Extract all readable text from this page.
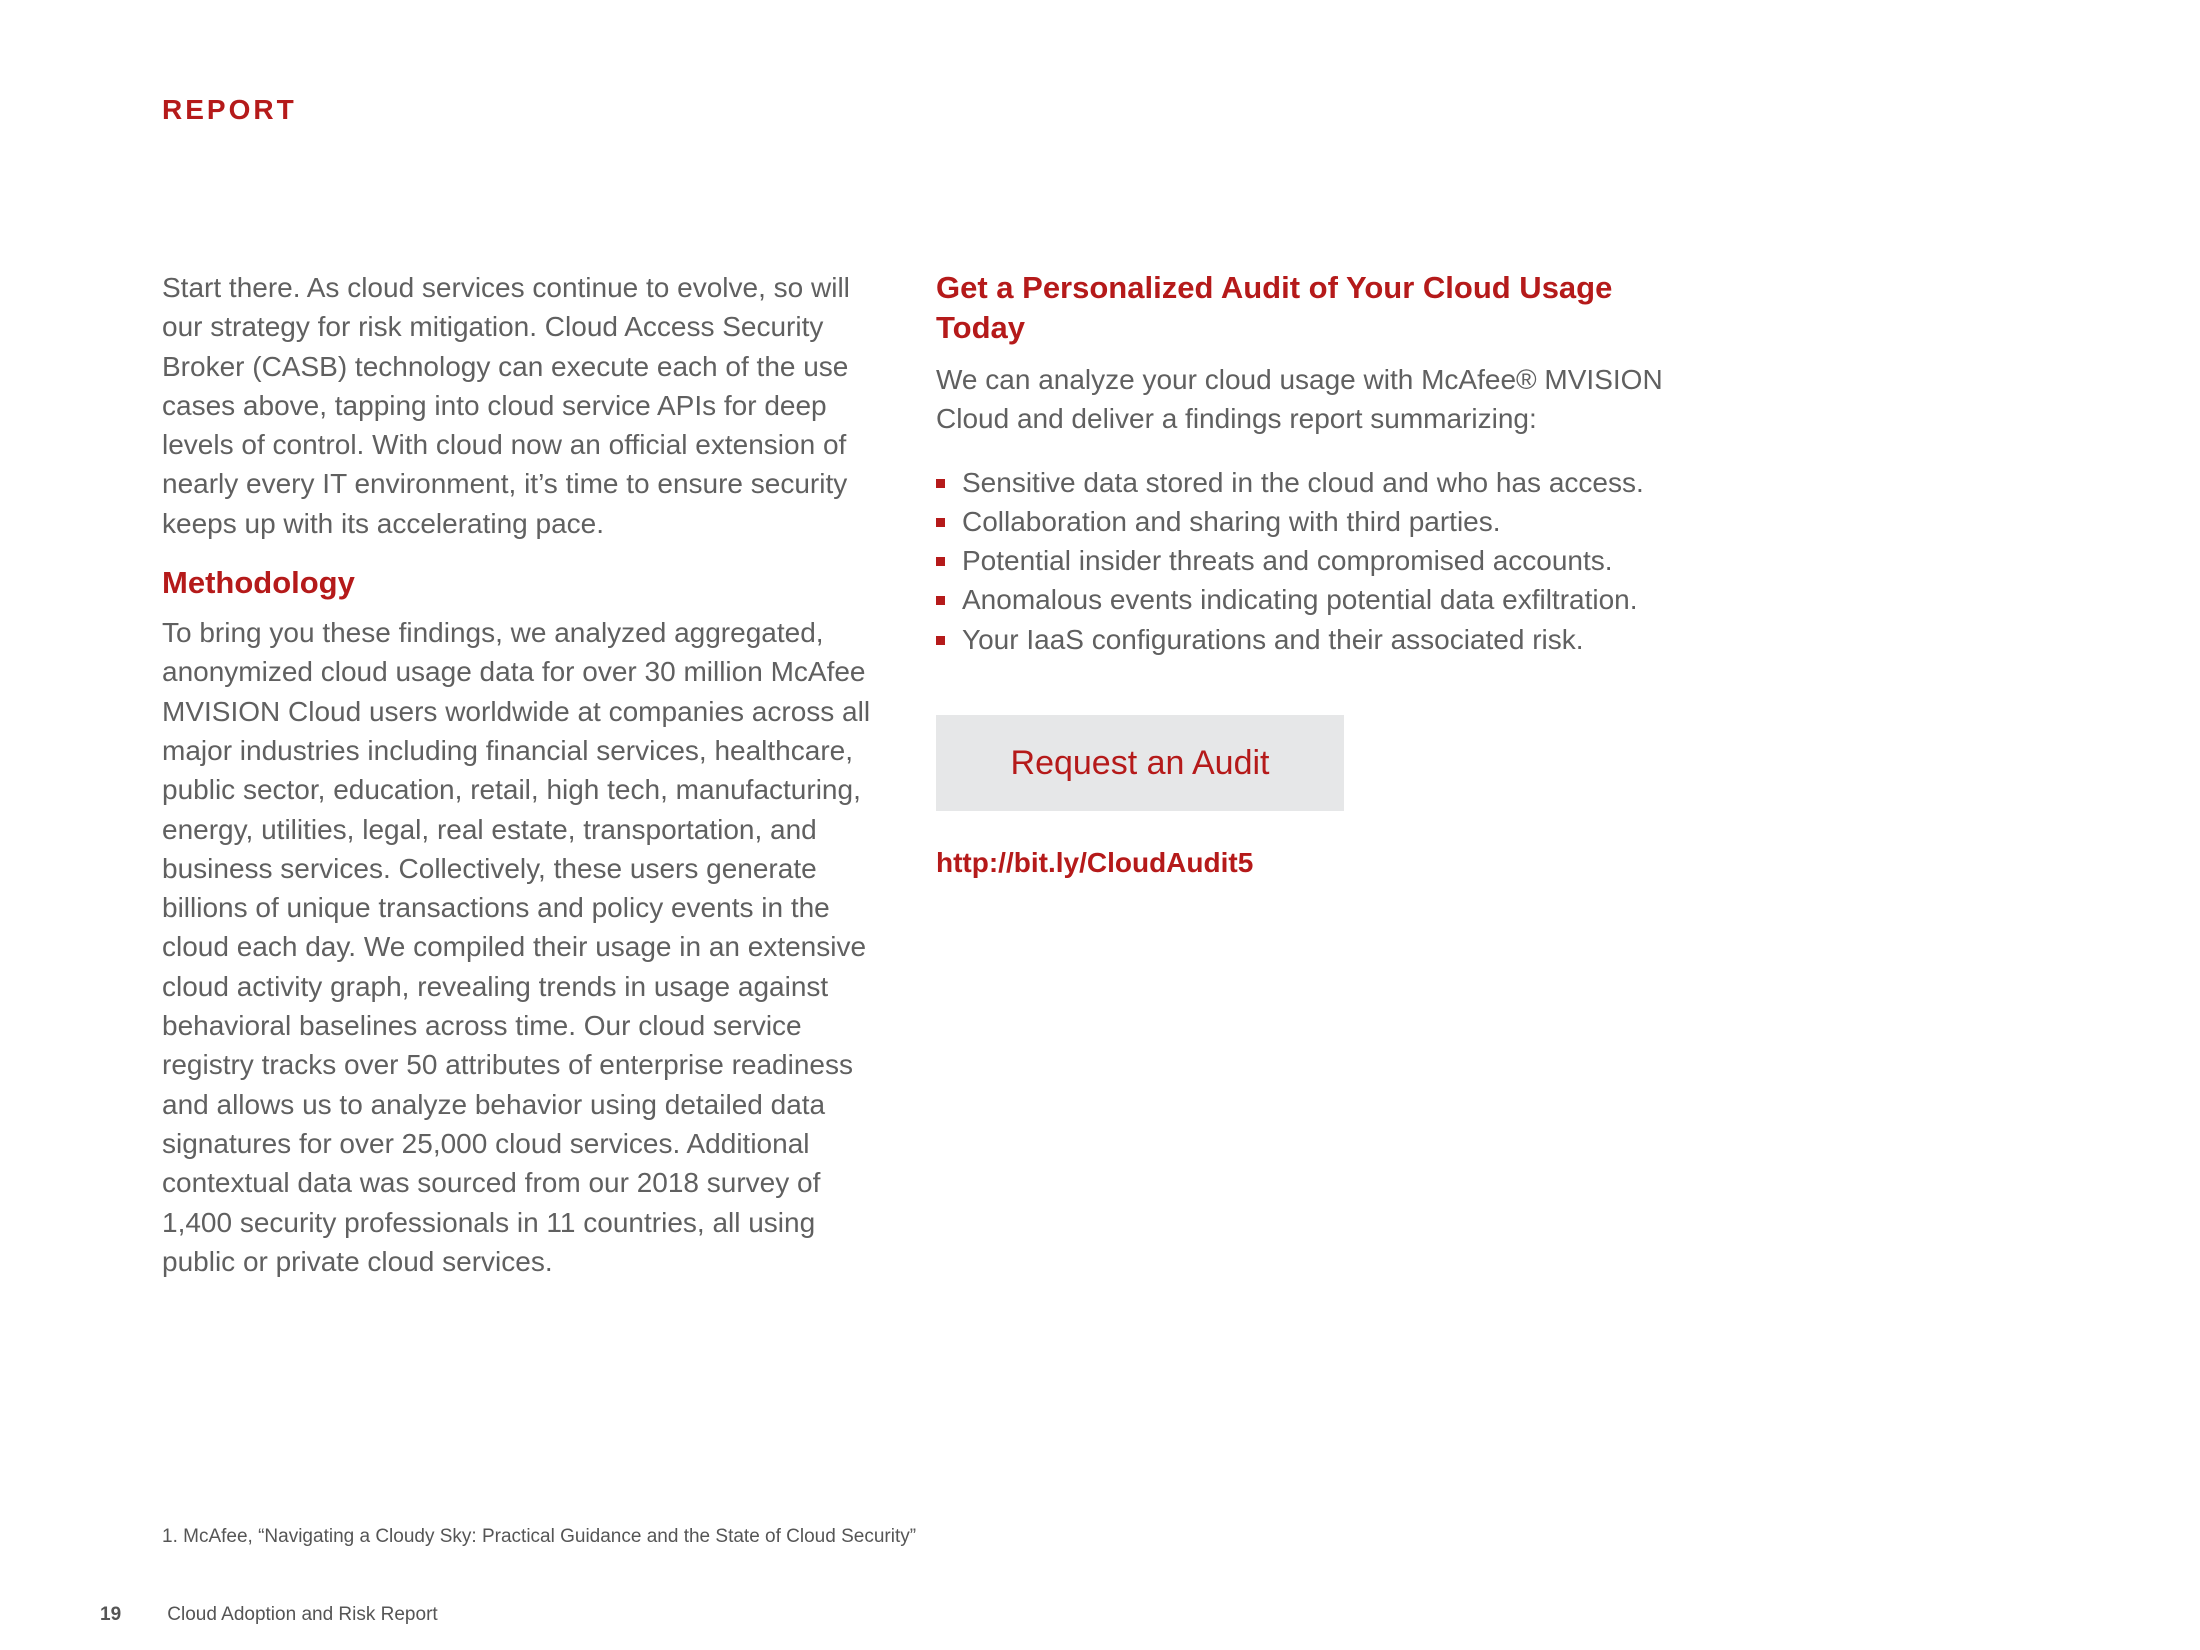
REPORT

Start there. As cloud services continue to evolve, so will our strategy for risk mitigation. Cloud Access Security Broker (CASB) technology can execute each of the use cases above, tapping into cloud service APIs for deep levels of control. With cloud now an official extension of nearly every IT environment, it’s time to ensure security keeps up with its accelerating pace.

Methodology

To bring you these findings, we analyzed aggregated, anonymized cloud usage data for over 30 million McAfee MVISION Cloud users worldwide at companies across all major industries including financial services, healthcare, public sector, education, retail, high tech, manufacturing, energy, utilities, legal, real estate, transportation, and business services. Collectively, these users generate billions of unique transactions and policy events in the cloud each day. We compiled their usage in an extensive cloud activity graph, revealing trends in usage against behavioral baselines across time. Our cloud service registry tracks over 50 attributes of enterprise readiness and allows us to analyze behavior using detailed data signatures for over 25,000 cloud services. Additional contextual data was sourced from our 2018 survey of 1,400 security professionals in 11 countries, all using public or private cloud services.

Get a Personalized Audit of Your Cloud Usage Today

We can analyze your cloud usage with McAfee® MVISION Cloud and deliver a findings report summarizing:

Sensitive data stored in the cloud and who has access.
Collaboration and sharing with third parties.
Potential insider threats and compromised accounts.
Anomalous events indicating potential data exfiltration.
Your IaaS configurations and their associated risk.
Request an Audit
http://bit.ly/CloudAudit5

1. McAfee, “Navigating a Cloudy Sky: Practical Guidance and the State of Cloud Security”

19 Cloud Adoption and Risk Report
